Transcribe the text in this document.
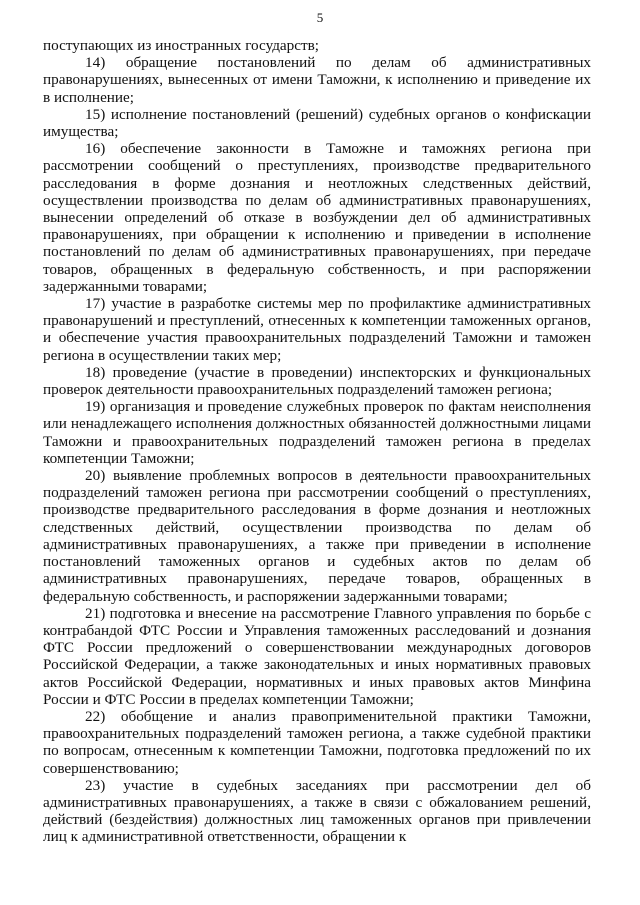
5

поступающих из иностранных государств;

14) обращение постановлений по делам об административных правонарушениях, вынесенных от имени Таможни, к исполнению и приведение их в исполнение;

15) исполнение постановлений (решений) судебных органов о конфискации имущества;

16) обеспечение законности в Таможне и таможнях региона при рассмотрении сообщений о преступлениях, производстве предварительного расследования в форме дознания и неотложных следственных действий, осуществлении производства по делам об административных правонарушениях, вынесении определений об отказе в возбуждении дел об административных правонарушениях, при обращении к исполнению и приведении в исполнение постановлений по делам об административных правонарушениях, при передаче товаров, обращенных в федеральную собственность, и при распоряжении задержанными товарами;

17) участие в разработке системы мер по профилактике административных правонарушений и преступлений, отнесенных к компетенции таможенных органов, и обеспечение участия правоохранительных подразделений Таможни и таможен региона в осуществлении таких мер;

18) проведение (участие в проведении) инспекторских и функциональных проверок деятельности правоохранительных подразделений таможен региона;

19) организация и проведение служебных проверок по фактам неисполнения или ненадлежащего исполнения должностных обязанностей должностными лицами Таможни и правоохранительных подразделений таможен региона в пределах компетенции Таможни;

20) выявление проблемных вопросов в деятельности правоохранительных подразделений таможен региона при рассмотрении сообщений о преступлениях, производстве предварительного расследования в форме дознания и неотложных следственных действий, осуществлении производства по делам об административных правонарушениях, а также при приведении в исполнение постановлений таможенных органов и судебных актов по делам об административных правонарушениях, передаче товаров, обращенных в федеральную собственность, и распоряжении задержанными товарами;

21) подготовка и внесение на рассмотрение Главного управления по борьбе с контрабандой ФТС России и Управления таможенных расследований и дознания ФТС России предложений о совершенствовании международных договоров Российской Федерации, а также законодательных и иных нормативных правовых актов Российской Федерации, нормативных и иных правовых актов Минфина России и ФТС России в пределах компетенции Таможни;

22) обобщение и анализ правоприменительной практики Таможни, правоохранительных подразделений таможен региона, а также судебной практики по вопросам, отнесенным к компетенции Таможни, подготовка предложений по их совершенствованию;

23) участие в судебных заседаниях при рассмотрении дел об административных правонарушениях, а также в связи с обжалованием решений, действий (бездействия) должностных лиц таможенных органов при привлечении лиц к административной ответственности, обращении к
